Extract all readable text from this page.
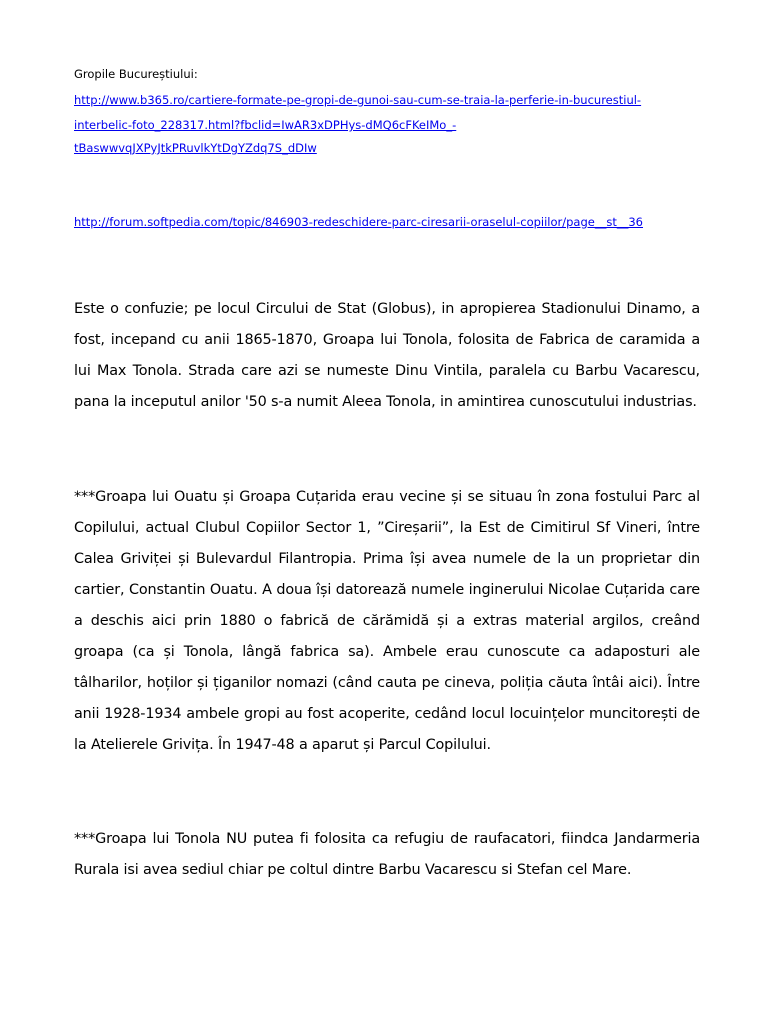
Gropile Bucureștiului:
http://www.b365.ro/cartiere-formate-pe-gropi-de-gunoi-sau-cum-se-traia-la-perferie-in-bucurestiul-
interbelic-foto_228317.html?fbclid=IwAR3xDPHys-dMQ6cFKeIMo_-
tBaswwvqJXPyJtkPRuvlkYtDgYZdq7S_dDIw
http://forum.softpedia.com/topic/846903-redeschidere-parc-ciresarii-oraselul-copiilor/page__st__36

Este o confuzie; pe locul Circului de Stat (Globus), in apropierea Stadionului Dinamo, a fost, incepand cu anii 1865-1870, Groapa lui Tonola, folosita de Fabrica de caramida a lui Max Tonola. Strada care azi se numeste Dinu Vintila, paralela cu Barbu Vacarescu, pana la inceputul anilor '50 s-a numit Aleea Tonola, in amintirea cunoscutului industrias.

***Groapa lui Ouatu și Groapa Cuțarida erau vecine și se situau în zona fostului Parc al Copilului, actual Clubul Copiilor Sector 1, ”Cireșarii”, la Est de Cimitirul Sf Vineri, între Calea Griviței și Bulevardul Filantropia. Prima își avea numele de la un proprietar din cartier, Constantin Ouatu. A doua își datorează numele inginerului Nicolae Cuțarida care a deschis aici prin 1880 o fabrică de cărămidă și a extras material argilos, creând groapa (ca și Tonola, lângă fabrica sa). Ambele erau cunoscute ca adaposturi ale tâlharilor, hoților și țiganilor nomazi (când cauta pe cineva, poliția căuta întâi aici). Între anii 1928-1934 ambele gropi au fost acoperite, cedând locul locuințelor muncitorești de la Atelierele Grivița. În 1947-48 a aparut și Parcul Copilului.

***Groapa lui Tonola NU putea fi folosita ca refugiu de raufacatori, fiindca Jandarmeria Rurala isi avea sediul chiar pe coltul dintre Barbu Vacarescu si Stefan cel Mare.
